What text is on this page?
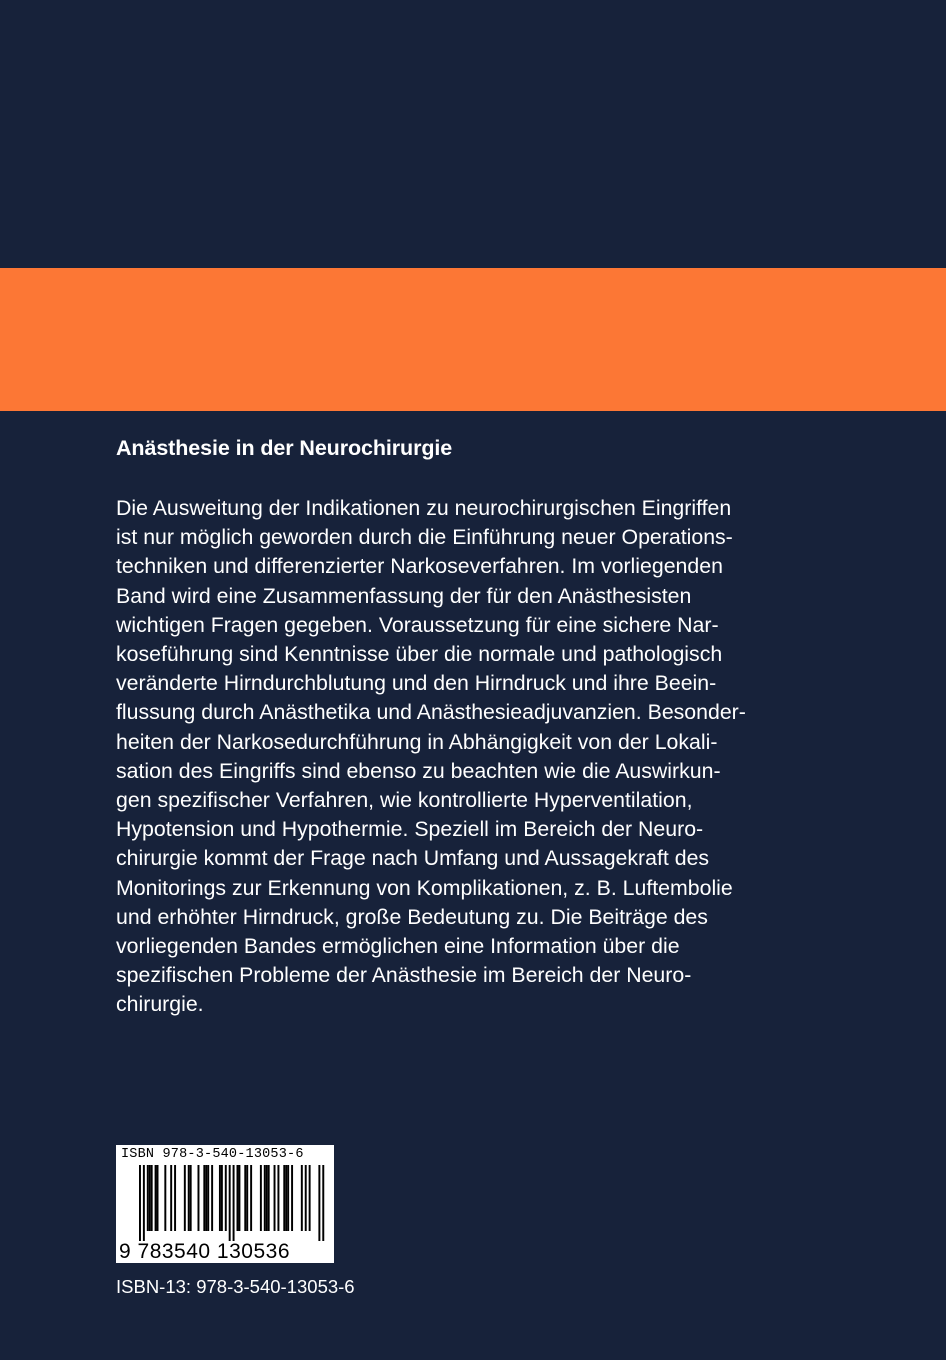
Anästhesie in der Neurochirurgie

Die Ausweitung der Indikationen zu neurochirurgischen Eingriffen
ist nur möglich geworden durch die Einführung neuer Operations-
techniken und differenzierter Narkoseverfahren. Im vorliegenden
Band wird eine Zusammenfassung der für den Anästhesisten
wichtigen Fragen gegeben. Voraussetzung für eine sichere Nar-
koseführung sind Kenntnisse über die normale und pathologisch
veränderte Hirndurchblutung und den Hirndruck und ihre Beein-
flussung durch Anästhetika und Anästhesieadjuvanzien. Besonder-
heiten der Narkosedurchführung in Abhängigkeit von der Lokali-
sation des Eingriffs sind ebenso zu beachten wie die Auswirkun-
gen spezifischer Verfahren, wie kontrollierte Hyperventilation,
Hypotension und Hypothermie. Speziell im Bereich der Neuro-
chirurgie kommt der Frage nach Umfang und Aussagekraft des
Monitorings zur Erkennung von Komplikationen, z. B. Luftembolie
und erhöhter Hirndruck, große Bedeutung zu. Die Beiträge des
vorliegenden Bandes ermöglichen eine Information über die
spezifischen Probleme der Anästhesie im Bereich der Neuro-
chirurgie.

ISBN 978-3-540-13053-6
9 783540 130536
ISBN-13: 978-3-540-13053-6
